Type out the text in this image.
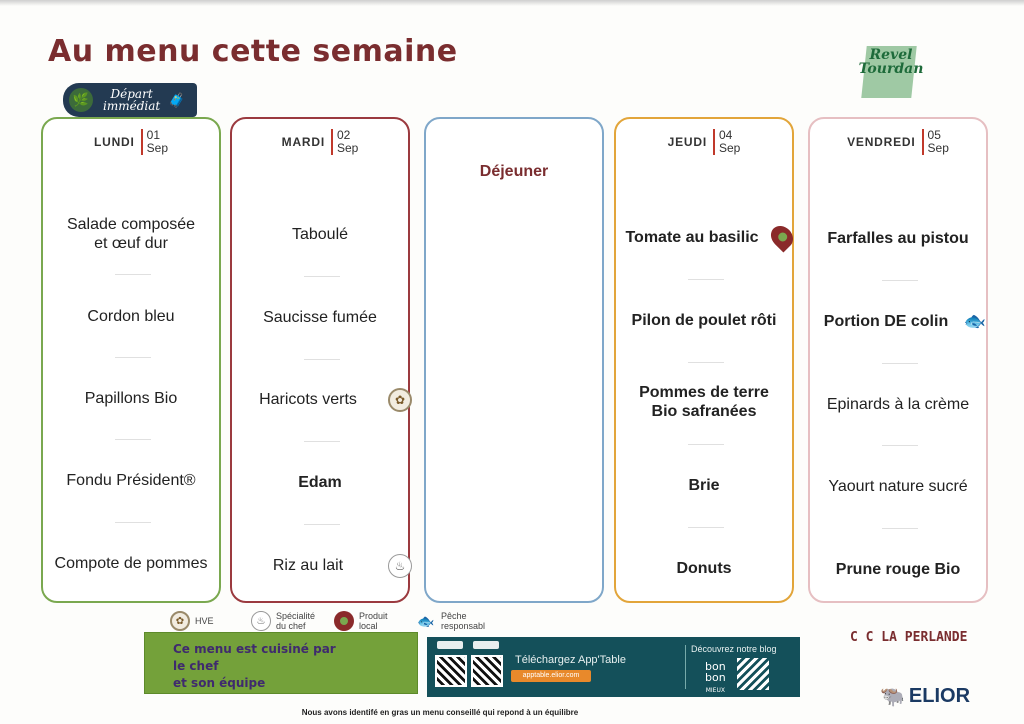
Au menu cette semaine
🌿	Départ
immédiat 🧳
Revel
Tourdan
LUNDI	01
Sep
Salade composée
et œuf dur
Cordon bleu
Papillons Bio
Fondu Président®
Compote de pommes
MARDI	02
Sep
Taboulé
Saucisse fumée
Haricots verts	✿
Edam
Riz au lait	♨
Déjeuner
JEUDI	04
Sep
Tomate au basilic
Pilon de poulet rôti
Pommes de terre
Bio safranées
Brie
Donuts
VENDREDI	05
Sep
Farfalles au pistou
Portion DE colin 🐟
Epinards à la crème
Yaourt nature sucré
Prune rouge Bio
✿	HVE	♨	Spécialité
du chef
Produit
local	🐟 Pêche
responsabl
Ce menu est cuisiné par
le chef
et son équipe
Téléchargez App'Table
apptable.elior.com
Découvrez notre blog
bon
bon
MIEUX
C C LA PERLANDE
🐃 ELIOR
Nous avons identifé en gras un menu conseillé qui repond à un équilibre
